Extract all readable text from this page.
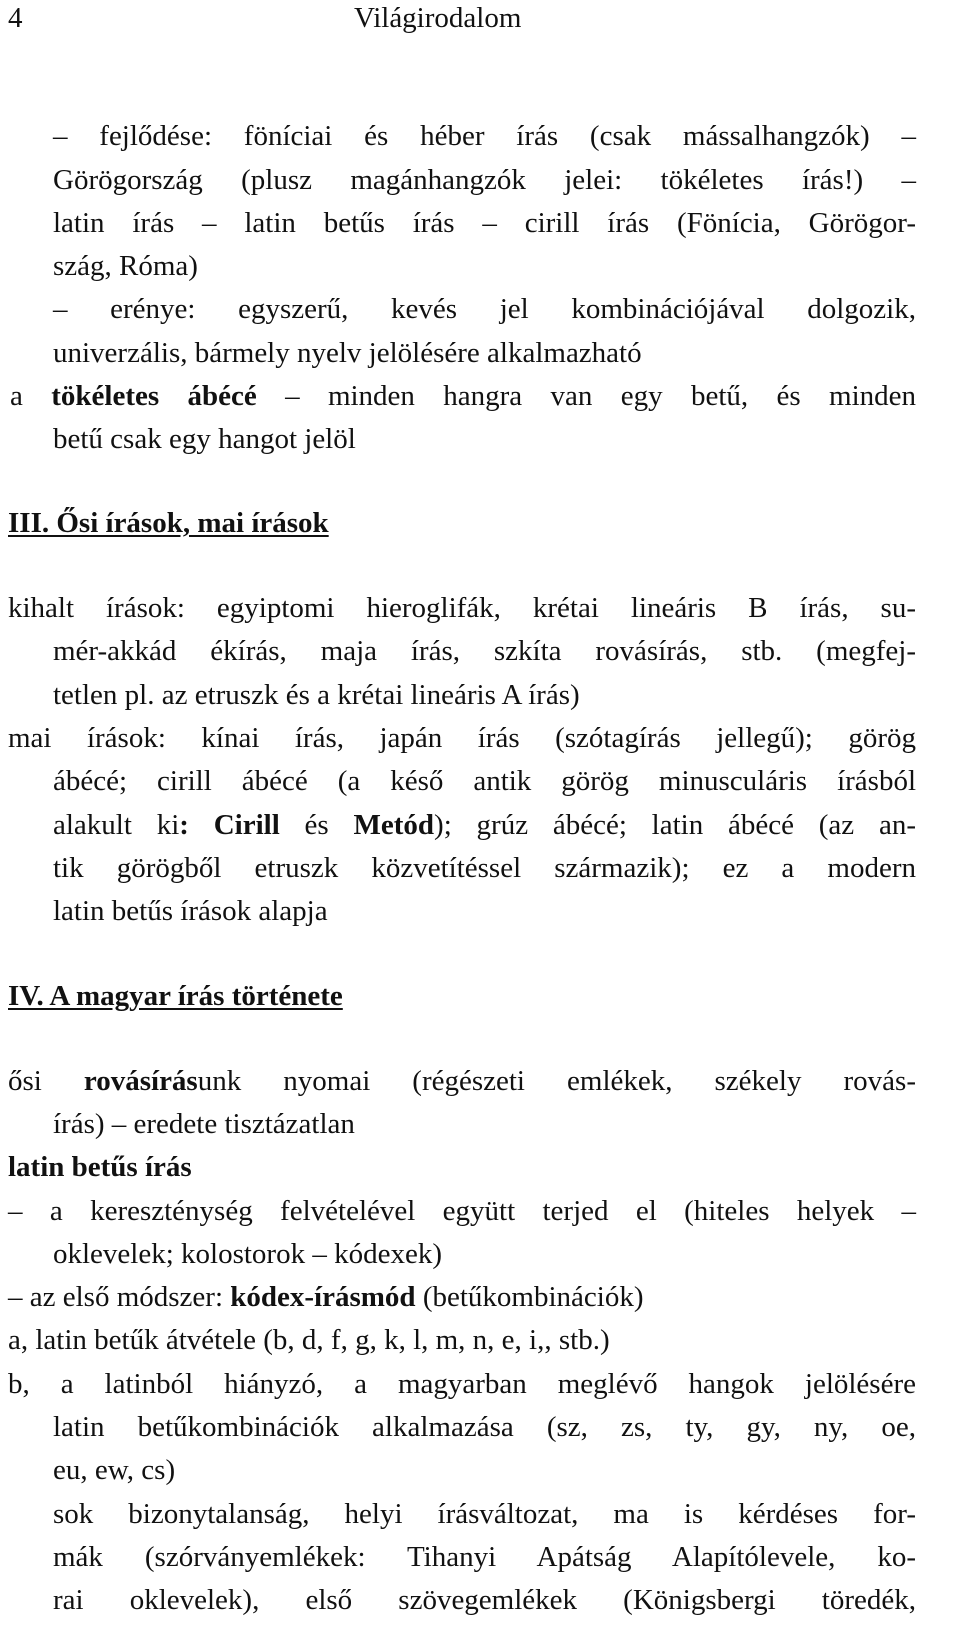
4	Világirodalom
– fejlődése: föníciai és héber írás (csak mássalhangzók) –
Görögország (plusz magánhangzók jelei: tökéletes írás!) –
latin írás – latin betűs írás – cirill írás (Fönícia, Görögor-
szág, Róma)
– erénye: egyszerű, kevés jel kombinációjával dolgozik,
univerzális, bármely nyelv jelölésére alkalmazható
a tökéletes ábécé – minden hangra van egy betű, és minden
betű csak egy hangot jelöl
III. Ősi írások, mai írások
kihalt írások: egyiptomi hieroglifák, krétai lineáris B írás, su-
mér-akkád ékírás, maja írás, szkíta rovásírás, stb. (megfej-
tetlen pl. az etruszk és a krétai lineáris A írás)
mai írások: kínai írás, japán írás (szótagírás jellegű); görög
ábécé; cirill ábécé (a késő antik görög minusculáris írásból
alakult ki: Cirill és Metód); grúz ábécé; latin ábécé (az an-
tik görögből etruszk közvetítéssel származik); ez a modern
latin betűs írások alapja
IV. A magyar írás története
ősi rovásírásunk nyomai (régészeti emlékek, székely rovás-
írás) – eredete tisztázatlan
latin betűs írás
– a kereszténység felvételével együtt terjed el (hiteles helyek –
oklevelek; kolostorok – kódexek)
– az első módszer: kódex-írásmód (betűkombinációk)
a, latin betűk átvétele (b, d, f, g, k, l, m, n, e, i,, stb.)
b, a latinból hiányzó, a magyarban meglévő hangok jelölésére
latin betűkombinációk alkalmazása (sz, zs, ty, gy, ny, oe,
eu, ew, cs)
sok bizonytalanság, helyi írásváltozat, ma is kérdéses for-
mák (szórványemlékek: Tihanyi Apátság Alapítólevele, ko-
rai oklevelek), első szövegemlékek (Königsbergi töredék,
